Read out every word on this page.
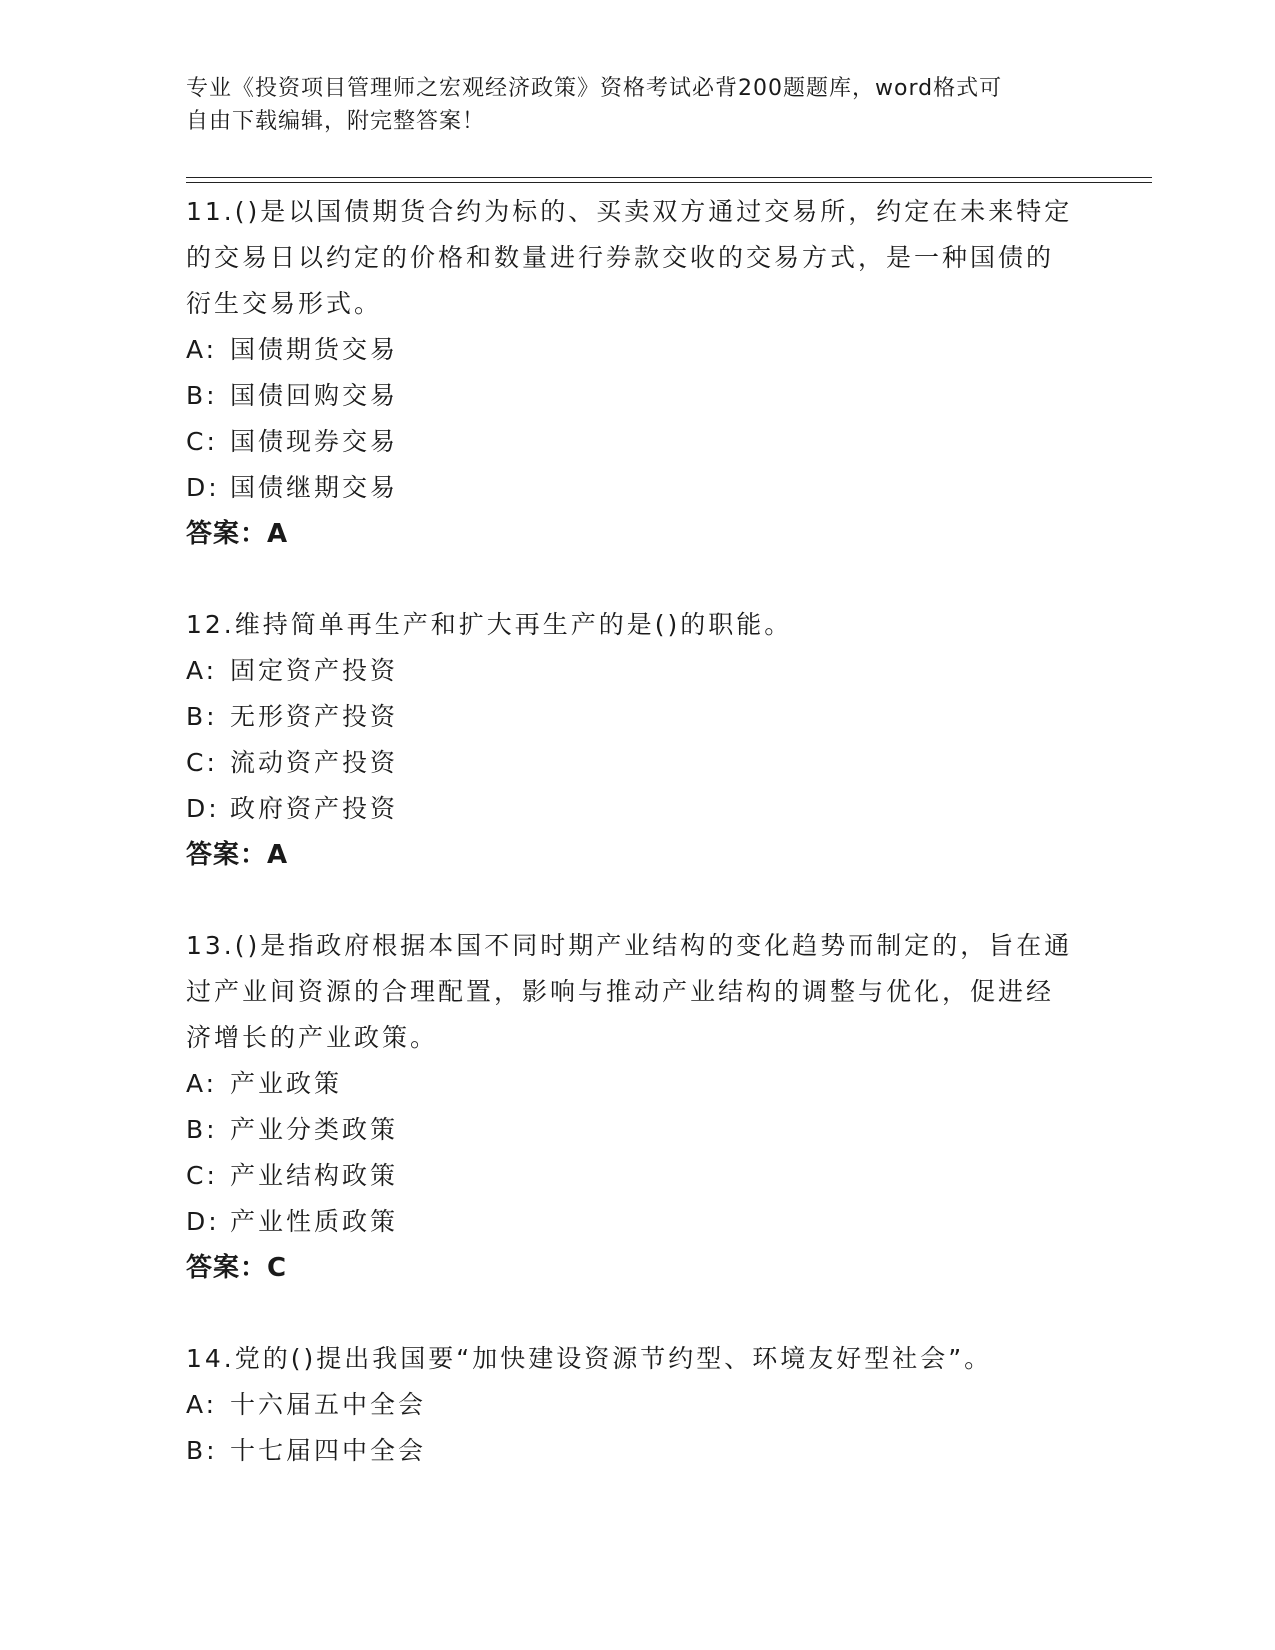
专业《投资项目管理师之宏观经济政策》资格考试必背200题题库，word格式可
自由下载编辑，附完整答案！

11.()是以国债期货合约为标的、买卖双方通过交易所，约定在未来特定的交易日以约定的价格和数量进行券款交收的交易方式，是一种国债的衍生交易形式。

A: 国债期货交易
B: 国债回购交易
C: 国债现券交易
D: 国债继期交易
答案：A

12.维持简单再生产和扩大再生产的是()的职能。

A: 固定资产投资
B: 无形资产投资
C: 流动资产投资
D: 政府资产投资
答案：A

13.()是指政府根据本国不同时期产业结构的变化趋势而制定的，旨在通过产业间资源的合理配置，影响与推动产业结构的调整与优化，促进经济增长的产业政策。

A: 产业政策
B: 产业分类政策
C: 产业结构政策
D: 产业性质政策
答案：C

14.党的()提出我国要“加快建设资源节约型、环境友好型社会”。

A: 十六届五中全会
B: 十七届四中全会
